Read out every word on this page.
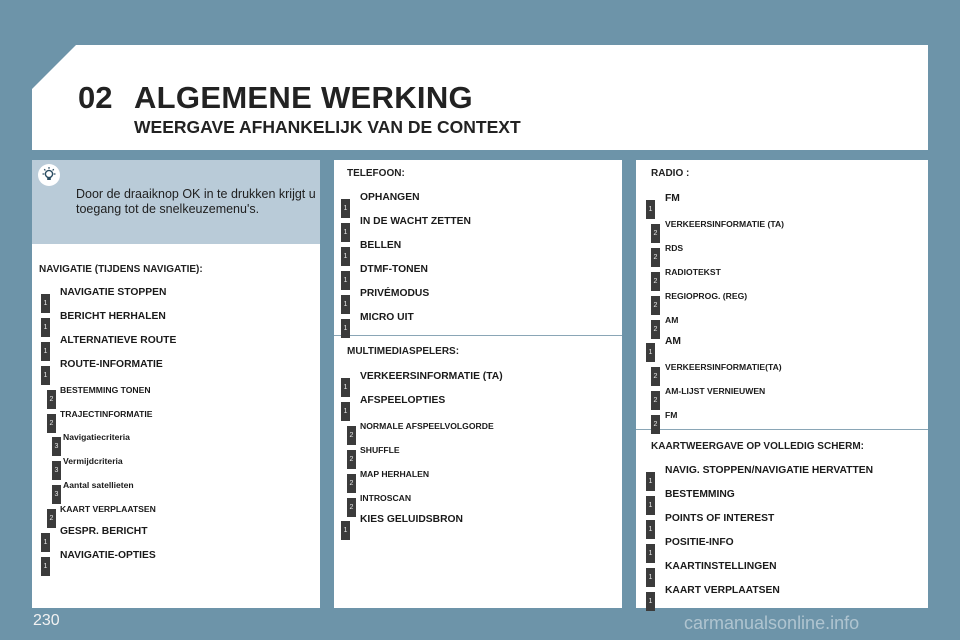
02 ALGEMENE WERKING
WEERGAVE AFHANKELIJK VAN DE CONTEXT
Door de draaiknop OK in te drukken krijgt u toegang tot de snelkeuzemenu's.
NAVIGATIE (TIJDENS NAVIGATIE):
1
NAVIGATIE STOPPEN
1
BERICHT HERHALEN
1
ALTERNATIEVE ROUTE
1
ROUTE-INFORMATIE
2
BESTEMMING TONEN
2
TRAJECTINFORMATIE
3
Navigatiecriteria
3
Vermijdcriteria
3
Aantal satellieten
2
KAART VERPLAATSEN
1
GESPR. BERICHT
1
NAVIGATIE-OPTIES
TELEFOON:
1
OPHANGEN
1
IN DE WACHT ZETTEN
1
BELLEN
1
DTMF-TONEN
1
PRIVÉMODUS
1
MICRO UIT
MULTIMEDIASPELERS:
1
VERKEERSINFORMATIE (TA)
1
AFSPEELOPTIES
2
NORMALE AFSPEELVOLGORDE
2
SHUFFLE
2
MAP HERHALEN
2
INTROSCAN
1
KIES GELUIDSBRON
RADIO :
1
FM
2
VERKEERSINFORMATIE (TA)
2
RDS
2
RADIOTEKST
2
REGIOPROG. (REG)
2
AM
1
AM
2
VERKEERSINFORMATIE(TA)
2
AM-LIJST VERNIEUWEN
2
FM
KAARTWEERGAVE OP VOLLEDIG SCHERM:
1
NAVIG. STOPPEN/NAVIGATIE HERVATTEN
1
BESTEMMING
1
POINTS OF INTEREST
1
POSITIE-INFO
1
KAARTINSTELLINGEN
1
KAART VERPLAATSEN
230	carmanualsonline.info
